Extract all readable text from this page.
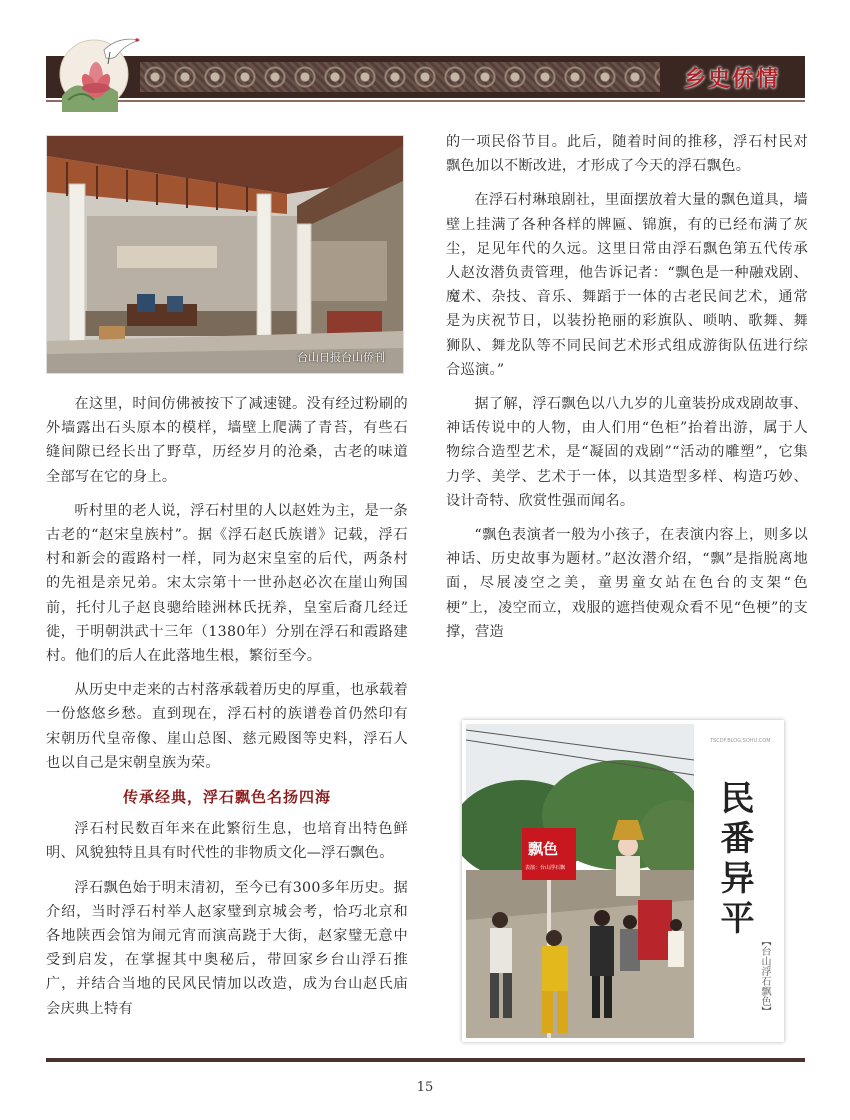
乡史侨情
台山日报台山侨刊

在这里，时间仿佛被按下了减速键。没有经过粉刷的外墙露出石头原本的模样，墙壁上爬满了青苔，有些石缝间隙已经长出了野草，历经岁月的沧桑，古老的味道全部写在它的身上。

听村里的老人说，浮石村里的人以赵姓为主，是一条古老的“赵宋皇族村”。据《浮石赵氏族谱》记载，浮石村和新会的霞路村一样，同为赵宋皇室的后代，两条村的先祖是亲兄弟。宋太宗第十一世孙赵必次在崖山殉国前，托付儿子赵良骢给睦洲林氏抚养，皇室后裔几经迁徙，于明朝洪武十三年（1380年）分别在浮石和霞路建村。他们的后人在此落地生根，繁衍至今。

从历史中走来的古村落承载着历史的厚重，也承载着一份悠悠乡愁。直到现在，浮石村的族谱卷首仍然印有宋朝历代皇帝像、崖山总图、慈元殿图等史料，浮石人也以自己是宋朝皇族为荣。

传承经典，浮石飘色名扬四海

浮石村民数百年来在此繁衍生息，也培育出特色鲜明、风貌独特且具有时代性的非物质文化—浮石飘色。

浮石飘色始于明末清初，至今已有300多年历史。据介绍，当时浮石村举人赵家璧到京城会考，恰巧北京和各地陕西会馆为闹元宵而演高跷于大街，赵家璧无意中受到启发，在掌握其中奥秘后，带回家乡台山浮石推广，并结合当地的民风民情加以改造，成为台山赵氏庙会庆典上特有

的一项民俗节目。此后，随着时间的推移，浮石村民对飘色加以不断改进，才形成了今天的浮石飘色。

在浮石村琳琅剧社，里面摆放着大量的飘色道具，墙壁上挂满了各种各样的牌匾、锦旗，有的已经布满了灰尘，足见年代的久远。这里日常由浮石飘色第五代传承人赵汝潜负责管理，他告诉记者：“飘色是一种融戏剧、魔术、杂技、音乐、舞蹈于一体的古老民间艺术，通常是为庆祝节日，以装扮艳丽的彩旗队、唢呐、歌舞、舞狮队、舞龙队等不同民间艺术形式组成游街队伍进行综合巡演。”

据了解，浮石飘色以八九岁的儿童装扮成戏剧故事、神话传说中的人物，由人们用“色柜”抬着出游，属于人物综合造型艺术，是“凝固的戏剧”“活动的雕塑”，它集力学、美学、艺术于一体，以其造型多样、构造巧妙、设计奇特、欣赏性强而闻名。

“飘色表演者一般为小孩子，在表演内容上，则多以神话、历史故事为题材。”赵汝潜介绍，“飘”是指脱离地面，尽展凌空之美，童男童女站在色台的支架“色梗”上，凌空而立，戏服的遮挡使观众看不见“色梗”的支撑，营造

TSCDF.BLOG.SOHU.COM
飘色
表演：台山浮石飘	民番异平
【台山浮石飘色】
15
